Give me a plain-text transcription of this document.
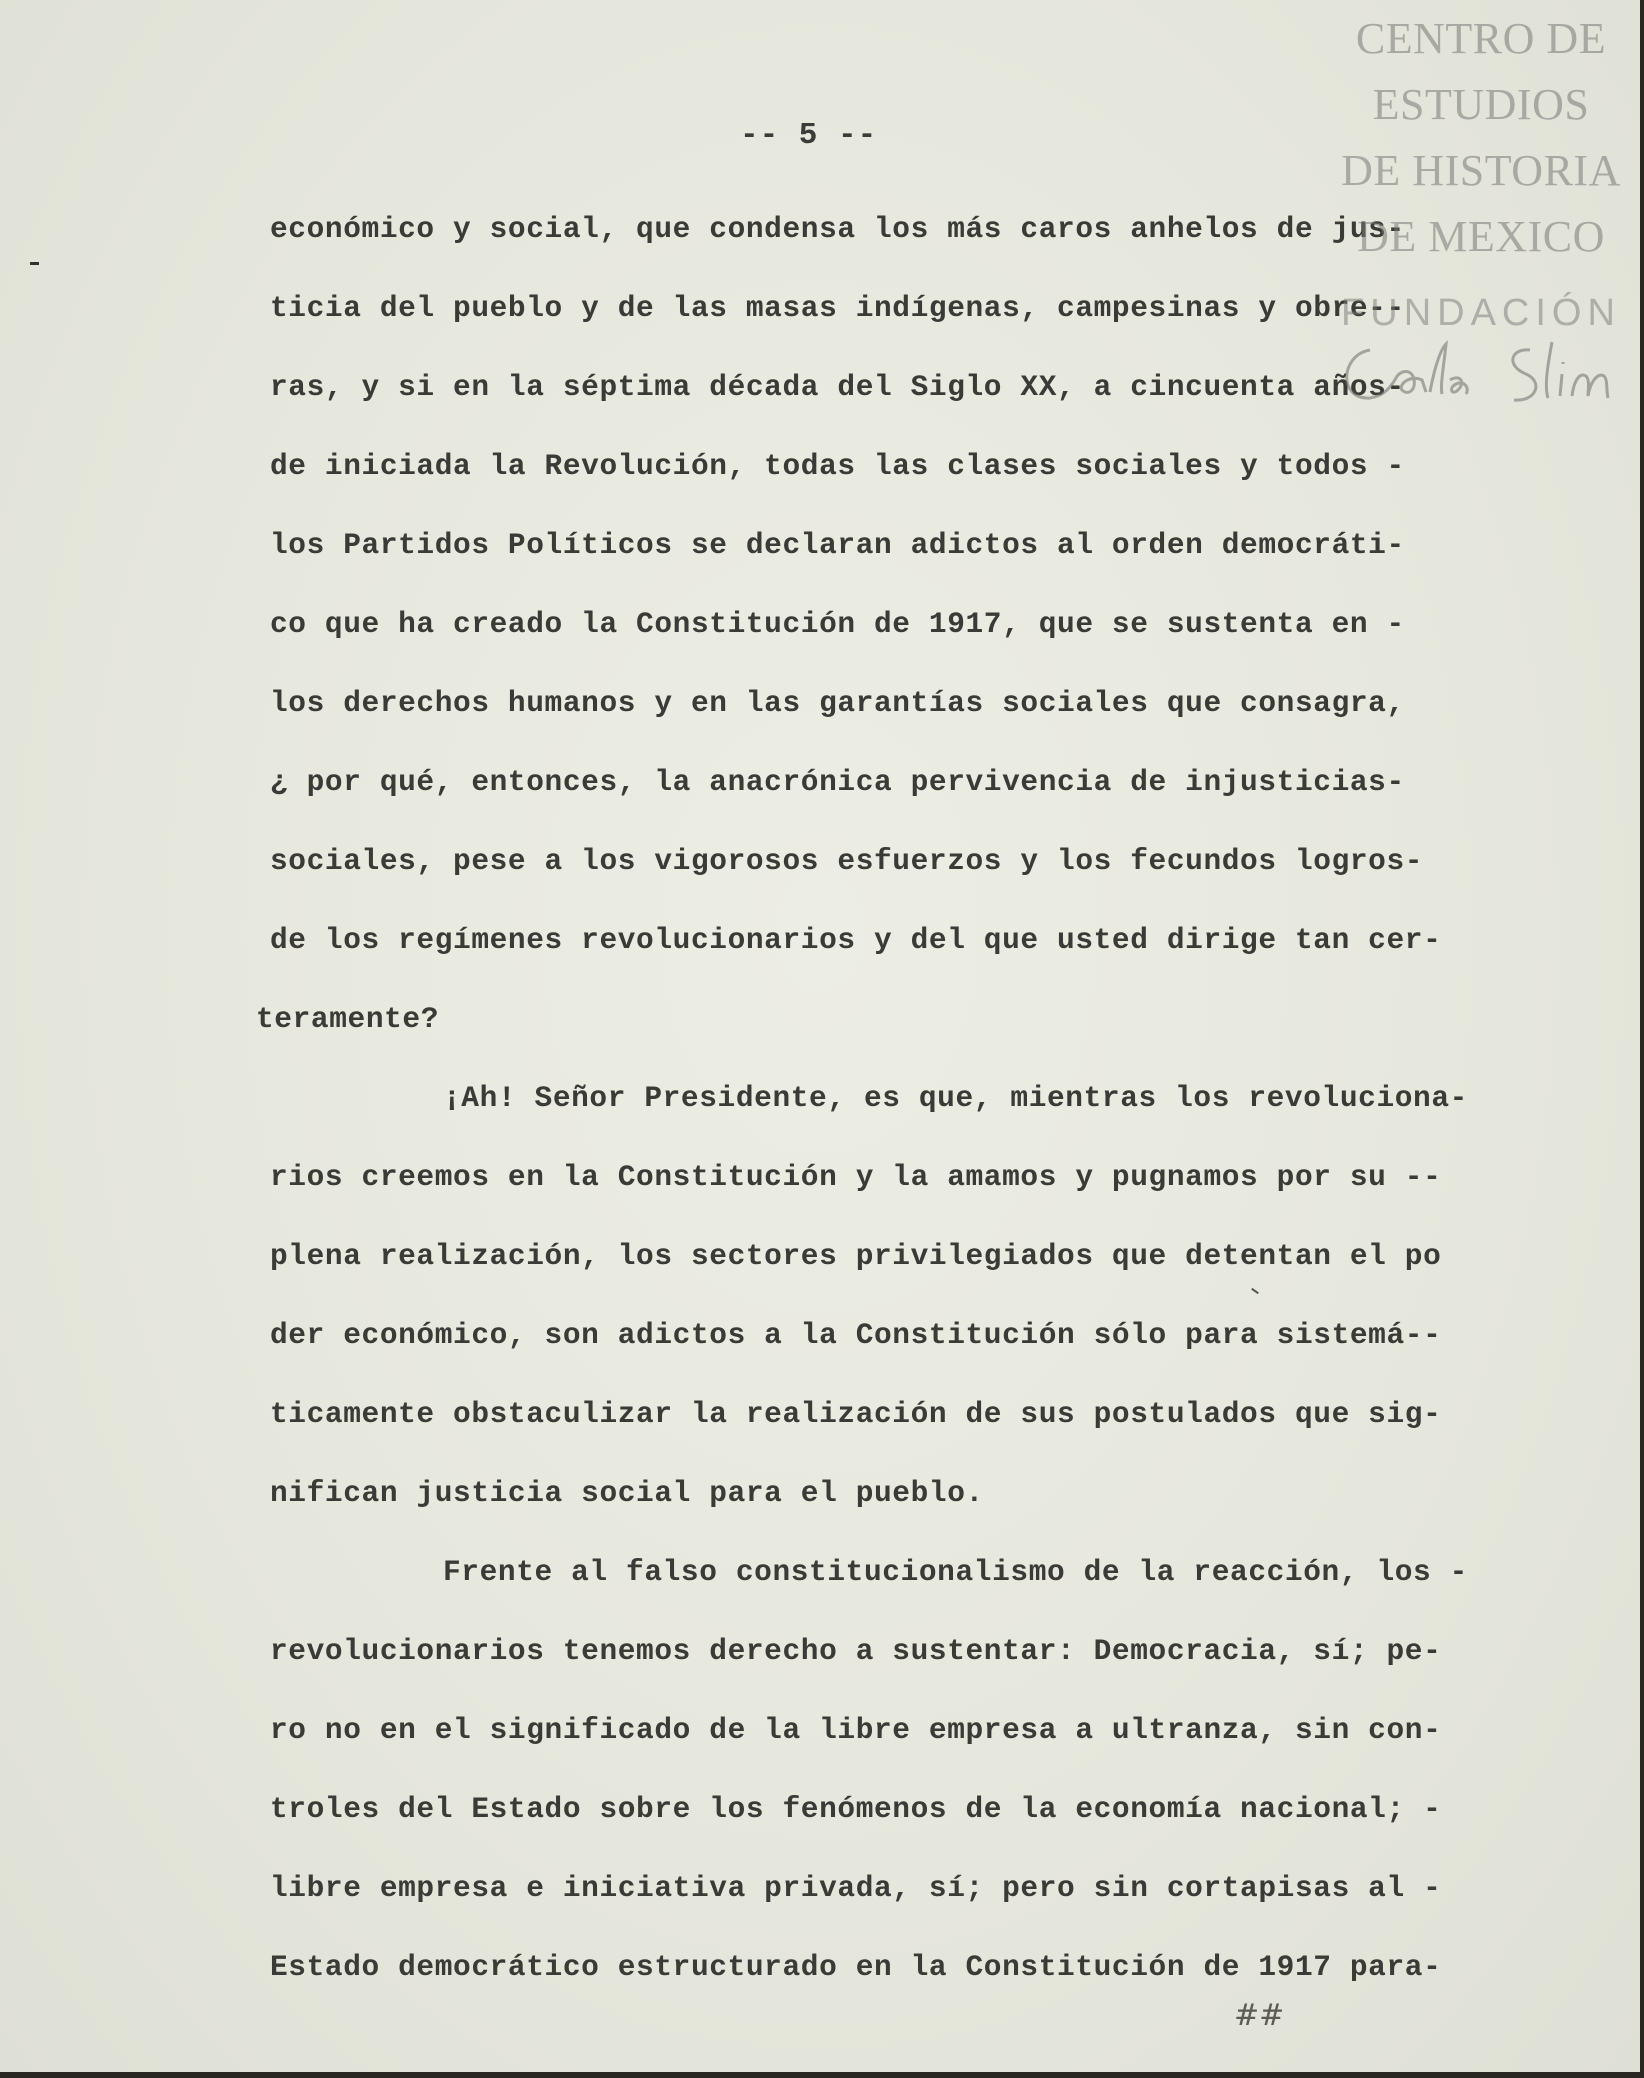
-- 5 --
económico y social, que condensa los más caros anhelos de jus-
ticia del pueblo y de las masas indígenas, campesinas y obre--
ras, y si en la séptima década del Siglo XX, a cincuenta años-
de iniciada la Revolución, todas las clases sociales y todos -
los Partidos Políticos se declaran adictos al orden democráti-
co que ha creado la Constitución de 1917, que se sustenta en -
los derechos humanos y en las garantías sociales que consagra,
¿ por qué, entonces, la anacrónica pervivencia de injusticias-
sociales, pese a los vigorosos esfuerzos y los fecundos logros-
de los regímenes revolucionarios y del que usted dirige tan cer-
teramente?
¡Ah! Señor Presidente, es que, mientras los revoluciona-
rios creemos en la Constitución y la amamos y pugnamos por su --
plena realización, los sectores privilegiados que detentan el po
der económico, son adictos a la Constitución sólo para sistemá--
ticamente obstaculizar la realización de sus postulados que sig-
nifican justicia social para el pueblo.
Frente al falso constitucionalismo de la reacción, los -
revolucionarios tenemos derecho a sustentar: Democracia, sí; pe-
ro no en el significado de la libre empresa a ultranza, sin con-
troles del Estado sobre los fenómenos de la economía nacional; -
libre empresa e iniciativa privada, sí; pero sin cortapisas al -
Estado democrático estructurado en la Constitución de 1917 para-
CENTRO DE
ESTUDIOS
DE HISTORIA
DE MEXICO
FUNDACIÓN
##
